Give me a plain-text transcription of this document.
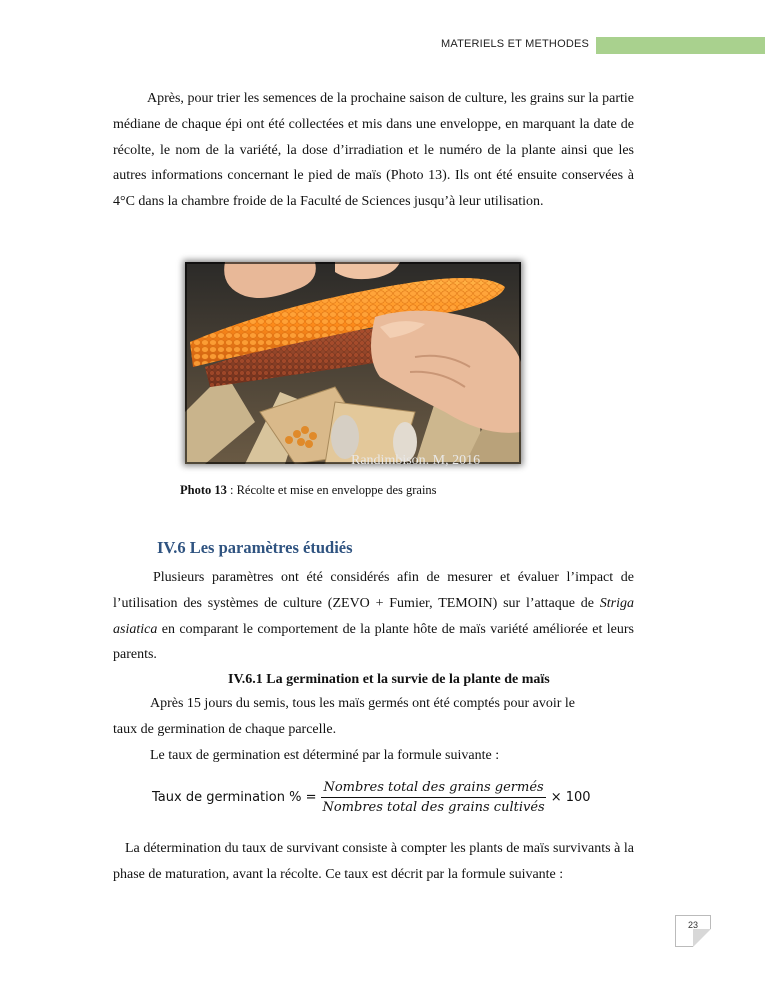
MATERIELS ET METHODES

Après, pour trier les semences de la prochaine saison de culture, les grains sur la partie médiane de chaque épi ont été collectées et mis dans une enveloppe, en marquant la date de récolte, le nom de la variété, la dose d’irradiation et le numéro de la plante ainsi que les autres informations concernant le pied de maïs (Photo 13). Ils ont été ensuite conservées à 4°C dans la chambre froide de la Faculté de Sciences jusqu’à leur utilisation.

Randimbison. M, 2016
Photo 13 : Récolte et mise en enveloppe des grains
IV.6 Les paramètres étudiés

Plusieurs paramètres ont été considérés afin de mesurer et évaluer l’impact de l’utilisation des systèmes de culture (ZEVO + Fumier, TEMOIN) sur l’attaque de Striga asiatica en comparant le comportement de la plante hôte de maïs variété améliorée et leurs parents.

IV.6.1 La germination et la survie de la plante de maïs
Après 15 jours du semis, tous les maïs germés ont été comptés pour avoir le
taux de germination de chaque parcelle.
Le taux de germination est déterminé par la formule suivante :
Taux de germination % = $\frac{\text{Nombres total des grains germés}}{\text{Nombres total des grains cultivés}} \times 100$

La détermination du taux de survivant consiste à compter les plants de maïs survivants à la phase de maturation, avant la récolte. Ce taux est décrit par la formule suivante :

23
